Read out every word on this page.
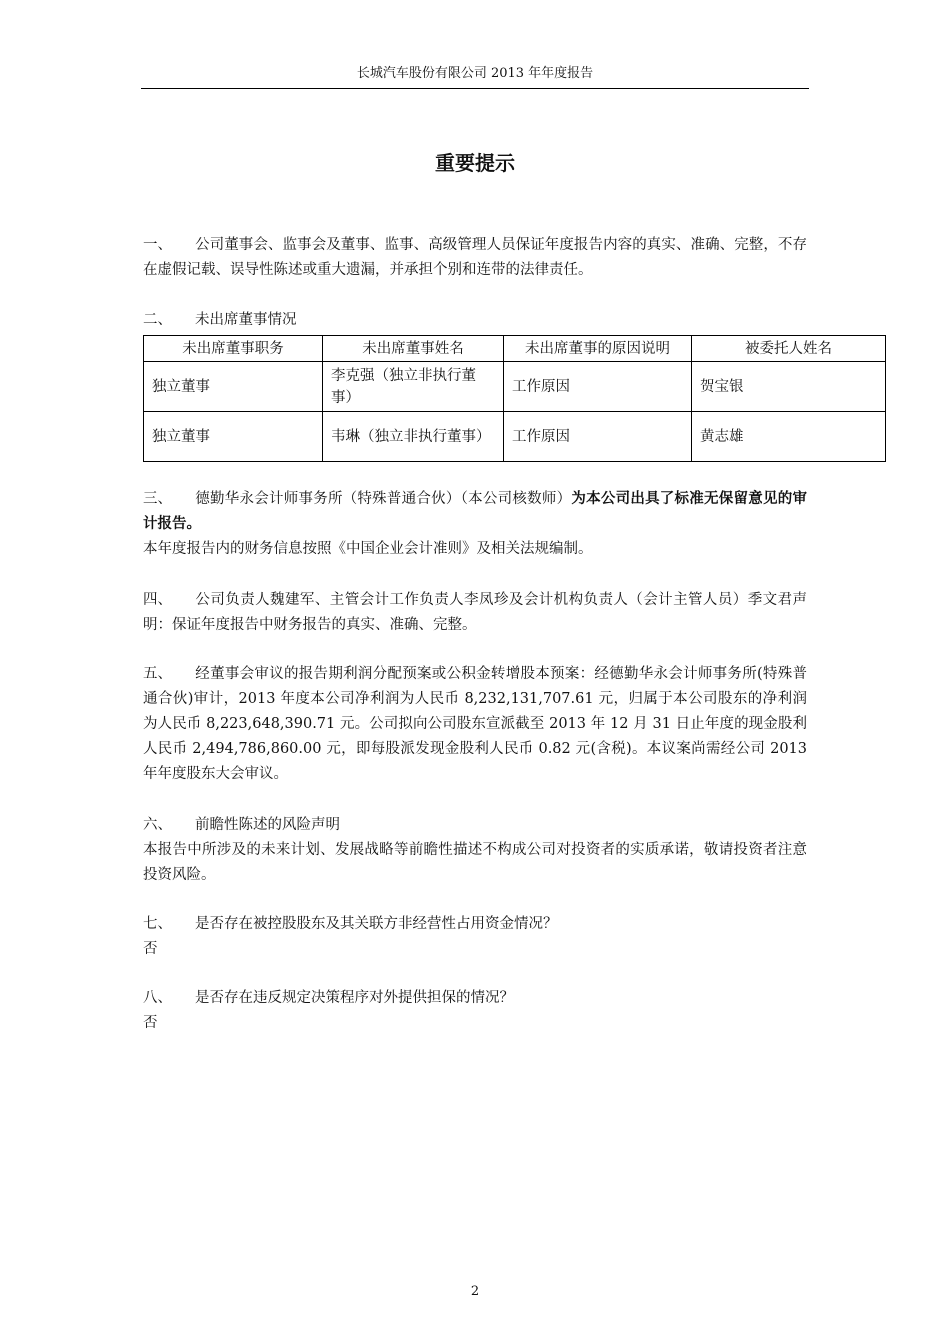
长城汽车股份有限公司 2013 年年度报告
重要提示
一、 公司董事会、监事会及董事、监事、高级管理人员保证年度报告内容的真实、准确、完整，不存在虚假记载、误导性陈述或重大遗漏，并承担个别和连带的法律责任。
二、 未出席董事情况
未出席董事职务	未出席董事姓名	未出席董事的原因说明	被委托人姓名
独立董事	李克强（独立非执行董事）	工作原因	贺宝银
独立董事	韦琳（独立非执行董事）	工作原因	黄志雄
三、 德勤华永会计师事务所（特殊普通合伙）（本公司核数师）为本公司出具了标准无保留意见的审计报告。
本年度报告内的财务信息按照《中国企业会计准则》及相关法规编制。
四、 公司负责人魏建军、主管会计工作负责人李凤珍及会计机构负责人（会计主管人员）季文君声明：保证年度报告中财务报告的真实、准确、完整。
五、 经董事会审议的报告期利润分配预案或公积金转增股本预案：经德勤华永会计师事务所(特殊普通合伙)审计，2013 年度本公司净利润为人民币 8,232,131,707.61 元，归属于本公司股东的净利润为人民币 8,223,648,390.71 元。公司拟向公司股东宣派截至 2013 年 12 月 31 日止年度的现金股利人民币 2,494,786,860.00 元，即每股派发现金股利人民币 0.82 元(含税)。本议案尚需经公司 2013 年年度股东大会审议。
六、 前瞻性陈述的风险声明
本报告中所涉及的未来计划、发展战略等前瞻性描述不构成公司对投资者的实质承诺，敬请投资者注意投资风险。
七、 是否存在被控股股东及其关联方非经营性占用资金情况？
否
八、 是否存在违反规定决策程序对外提供担保的情况？
否
2
